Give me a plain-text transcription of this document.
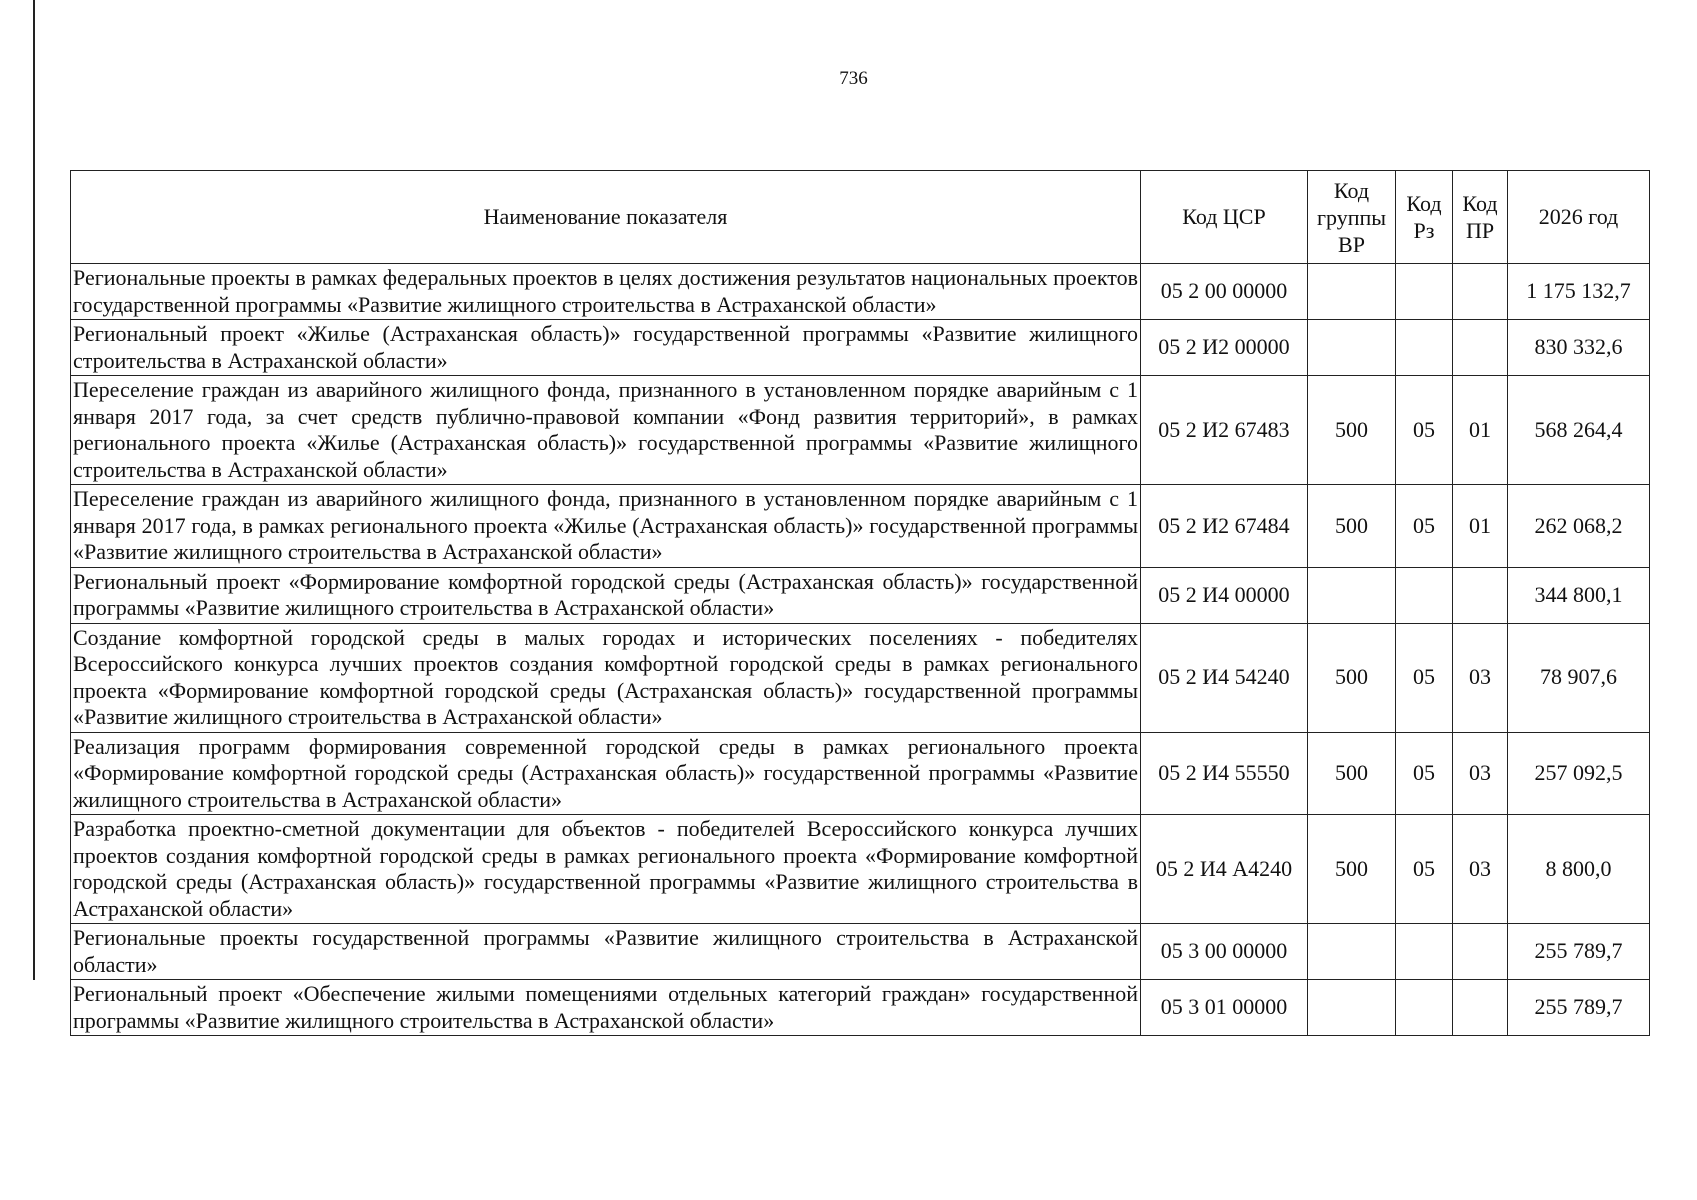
736
Наименование показателя	Код ЦСР	Код группы ВР	Код Рз	Код ПР	2026 год
Региональные проекты в рамках федеральных проектов в целях достижения результатов национальных проектов государственной программы «Развитие жилищного строительства в Астраханской области»	05 2 00 00000				1 175 132,7
Региональный проект «Жилье (Астраханская область)» государственной программы «Развитие жилищного строительства в Астраханской области»	05 2 И2 00000				830 332,6
Переселение граждан из аварийного жилищного фонда, признанного в установленном порядке аварийным с 1 января 2017 года, за счет средств публично-правовой компании «Фонд развития территорий», в рамках регионального проекта «Жилье (Астраханская область)» государственной программы «Развитие жилищного строительства в Астраханской области»	05 2 И2 67483	500	05	01	568 264,4
Переселение граждан из аварийного жилищного фонда, признанного в установленном порядке аварийным с 1 января 2017 года, в рамках регионального проекта «Жилье (Астраханская область)» государственной программы «Развитие жилищного строительства в Астраханской области»	05 2 И2 67484	500	05	01	262 068,2
Региональный проект «Формирование комфортной городской среды (Астраханская область)» государственной программы «Развитие жилищного строительства в Астраханской области»	05 2 И4 00000				344 800,1
Создание комфортной городской среды в малых городах и исторических поселениях - победителях Всероссийского конкурса лучших проектов создания комфортной городской среды в рамках регионального проекта «Формирование комфортной городской среды (Астраханская область)» государственной программы «Развитие жилищного строительства в Астраханской области»	05 2 И4 54240	500	05	03	78 907,6
Реализация программ формирования современной городской среды в рамках регионального проекта «Формирование комфортной городской среды (Астраханская область)» государственной программы «Развитие жилищного строительства в Астраханской области»	05 2 И4 55550	500	05	03	257 092,5
Разработка проектно-сметной документации для объектов - победителей Всероссийского конкурса лучших проектов создания комфортной городской среды в рамках регионального проекта «Формирование комфортной городской среды (Астраханская область)» государственной программы «Развитие жилищного строительства в Астраханской области»	05 2 И4 А4240	500	05	03	8 800,0
Региональные проекты государственной программы «Развитие жилищного строительства в Астраханской области»	05 3 00 00000				255 789,7
Региональный проект «Обеспечение жилыми помещениями отдельных категорий граждан» государственной программы «Развитие жилищного строительства в Астраханской области»	05 3 01 00000				255 789,7
